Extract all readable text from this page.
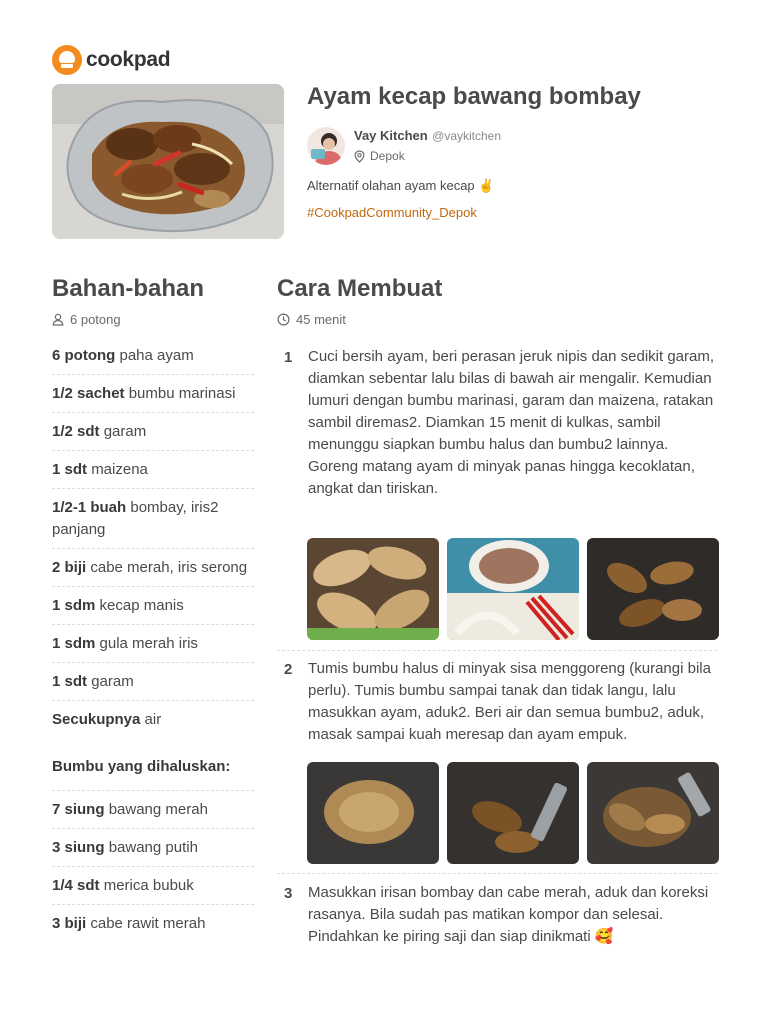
cookpad
Ayam kecap bawang bombay
Vay Kitchen @vaykitchen
Depok

Alternatif olahan ayam kecap ✌️

#CookpadCommunity_Depok
Bahan-bahan
6 potong
6 potong paha ayam
1/2 sachet bumbu marinasi
1/2 sdt garam
1 sdt maizena
1/2-1 buah bombay, iris2 panjang
2 biji cabe merah, iris serong
1 sdm kecap manis
1 sdm gula merah iris
1 sdt garam
Secukupnya air
Bumbu yang dihaluskan:
7 siung bawang merah
3 siung bawang putih
1/4 sdt merica bubuk
3 biji cabe rawit merah
Cara Membuat
45 menit
1 Cuci bersih ayam, beri perasan jeruk nipis dan sedikit garam, diamkan sebentar lalu bilas di bawah air mengalir. Kemudian lumuri dengan bumbu marinasi, garam dan maizena, ratakan sambil diremas2. Diamkan 15 menit di kulkas, sambil menunggu siapkan bumbu halus dan bumbu2 lainnya.

Goreng matang ayam di minyak panas hingga kecoklatan, angkat dan tiriskan.

2 Tumis bumbu halus di minyak sisa menggoreng (kurangi bila perlu). Tumis bumbu sampai tanak dan tidak langu, lalu masukkan ayam, aduk2. Beri air dan semua bumbu2, aduk, masak sampai kuah meresap dan ayam empuk.

3 Masukkan irisan bombay dan cabe merah, aduk dan koreksi rasanya. Bila sudah pas matikan kompor dan selesai. Pindahkan ke piring saji dan siap dinikmati 🥰
